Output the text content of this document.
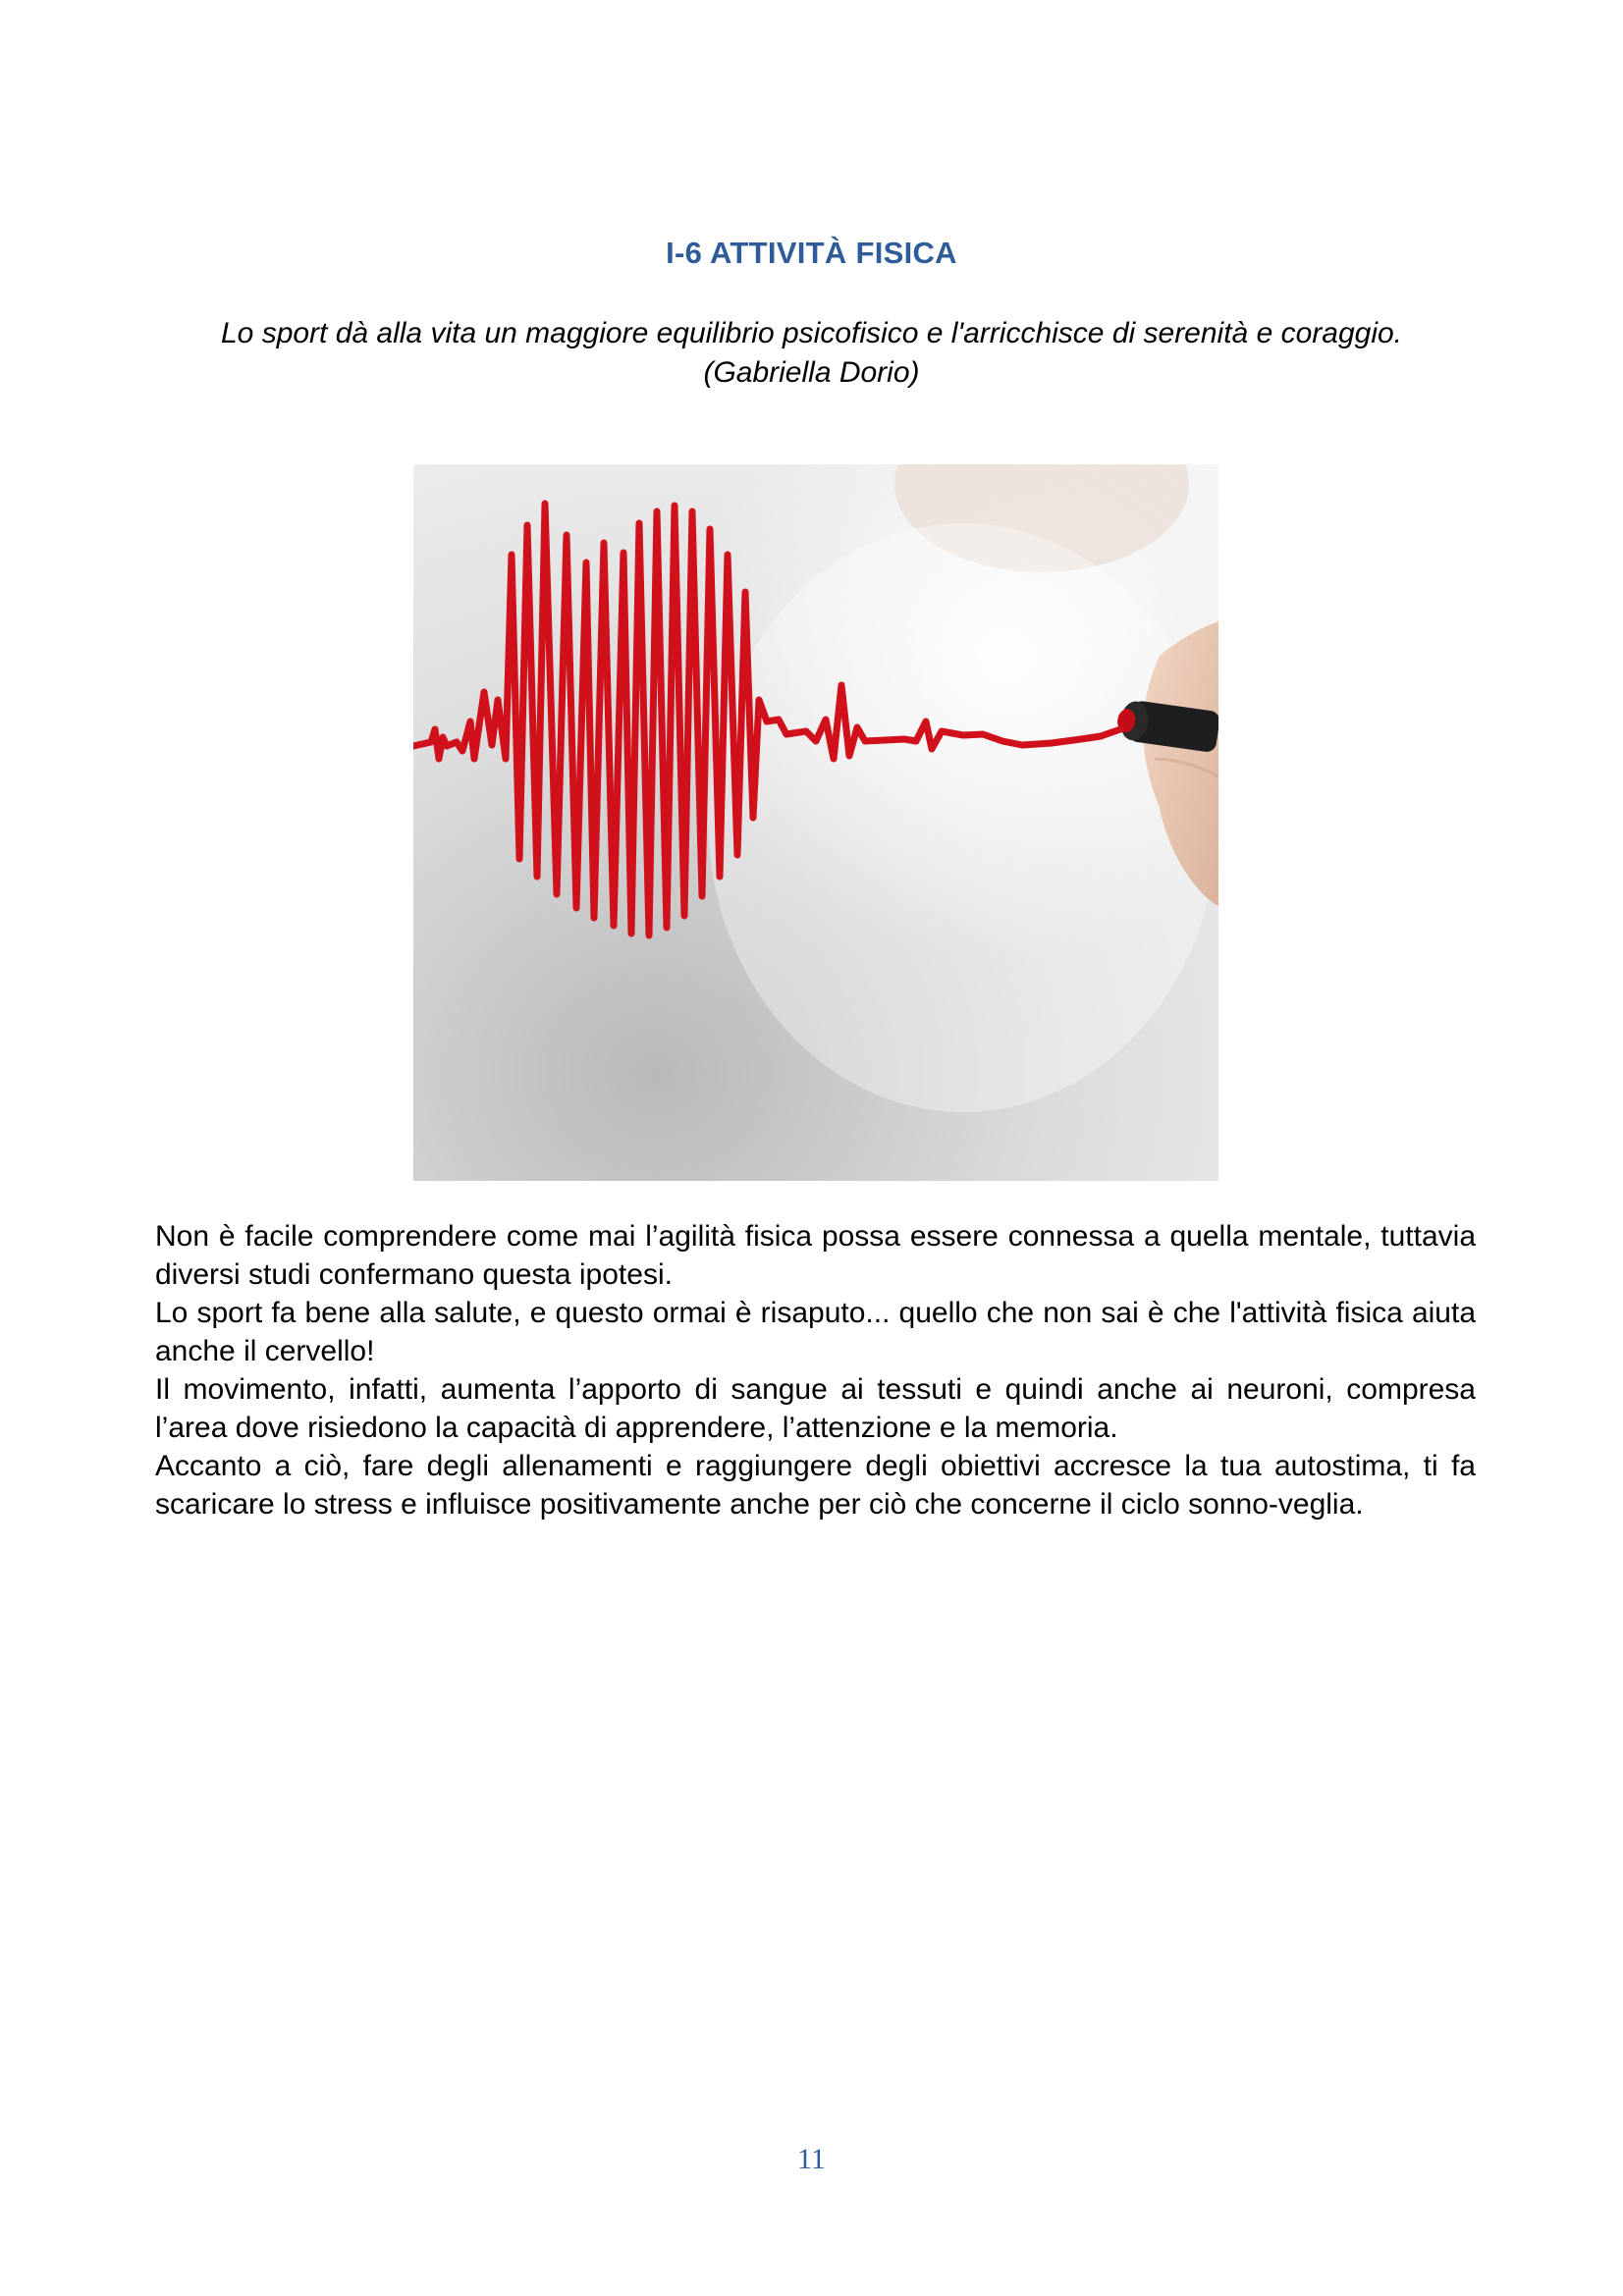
I-6 ATTIVITÀ FISICA
Lo sport dà alla vita un maggiore equilibrio psicofisico e l'arricchisce di serenità e coraggio.
(Gabriella Dorio)

Non è facile comprendere come mai l’agilità fisica possa essere connessa a quella mentale, tuttavia diversi studi confermano questa ipotesi.

Lo sport fa bene alla salute, e questo ormai è risaputo... quello che non sai è che l'attività fisica aiuta anche il cervello!

Il movimento, infatti, aumenta l’apporto di sangue ai tessuti e quindi anche ai neuroni, compresa l’area dove risiedono la capacità di apprendere, l’attenzione e la memoria.

Accanto a ciò, fare degli allenamenti e raggiungere degli obiettivi accresce la tua autostima, ti fa scaricare lo stress e influisce positivamente anche per ciò che concerne il ciclo sonno-veglia.

11
